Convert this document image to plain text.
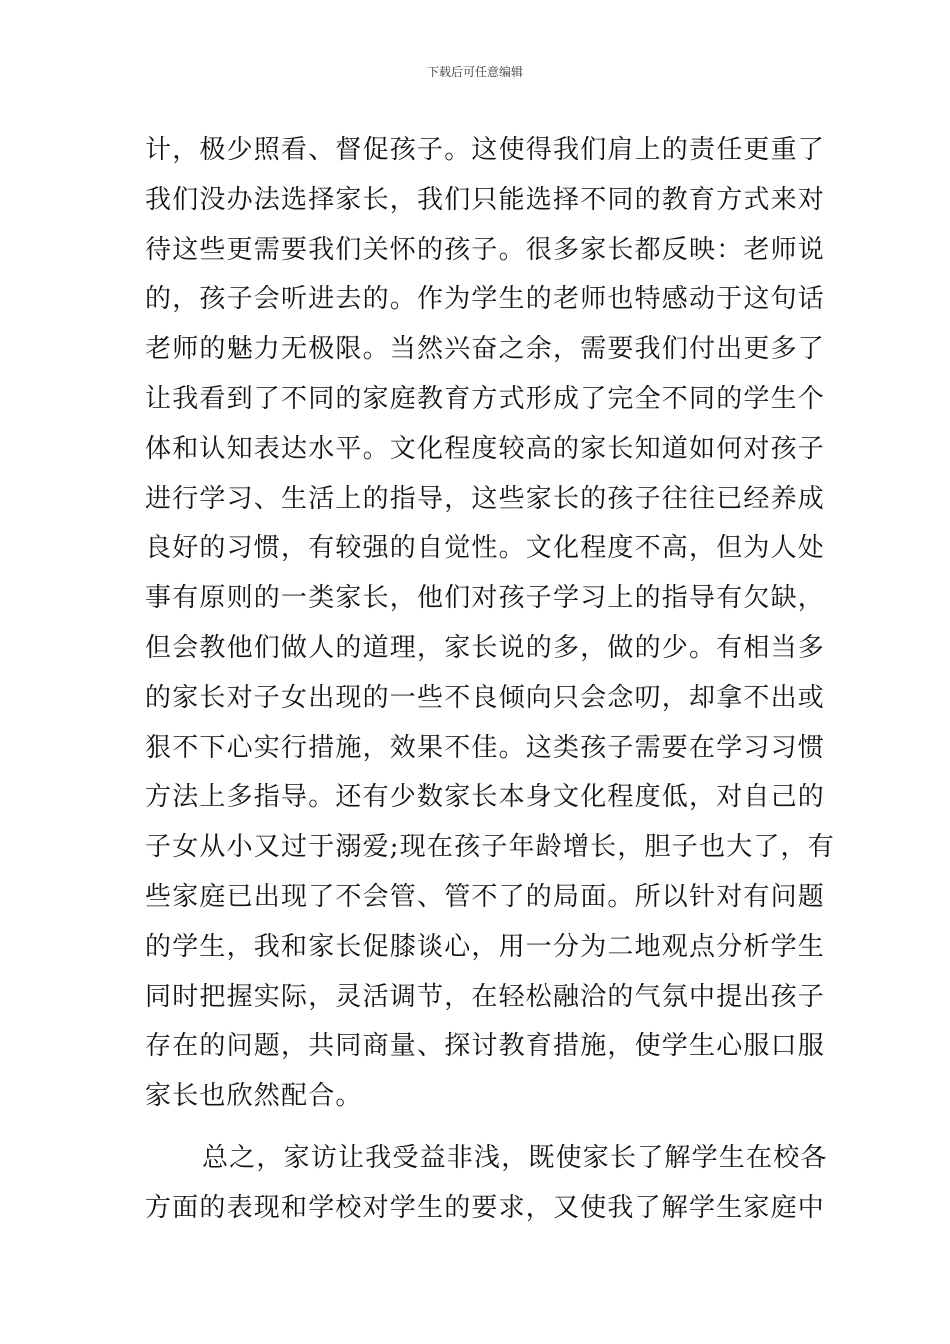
下载后可任意编辑
计，极少照看、督促孩子。这使得我们肩上的责任更重了
我们没办法选择家长，我们只能选择不同的教育方式来对
待这些更需要我们关怀的孩子。很多家长都反映：老师说
的，孩子会听进去的。作为学生的老师也特感动于这句话
老师的魅力无极限。当然兴奋之余，需要我们付出更多了
让我看到了不同的家庭教育方式形成了完全不同的学生个
体和认知表达水平。文化程度较高的家长知道如何对孩子
进行学习、生活上的指导，这些家长的孩子往往已经养成
良好的习惯，有较强的自觉性。文化程度不高，但为人处
事有原则的一类家长，他们对孩子学习上的指导有欠缺，
但会教他们做人的道理，家长说的多，做的少。有相当多
的家长对子女出现的一些不良倾向只会念叨，却拿不出或
狠不下心实行措施，效果不佳。这类孩子需要在学习习惯
方法上多指导。还有少数家长本身文化程度低，对自己的
子女从小又过于溺爱;现在孩子年龄增长，胆子也大了，有
些家庭已出现了不会管、管不了的局面。所以针对有问题
的学生，我和家长促膝谈心，用一分为二地观点分析学生
同时把握实际，灵活调节，在轻松融洽的气氛中提出孩子
存在的问题，共同商量、探讨教育措施，使学生心服口服
家长也欣然配合。
总之，家访让我受益非浅，既使家长了解学生在校各
方面的表现和学校对学生的要求，又使我了解学生家庭中
